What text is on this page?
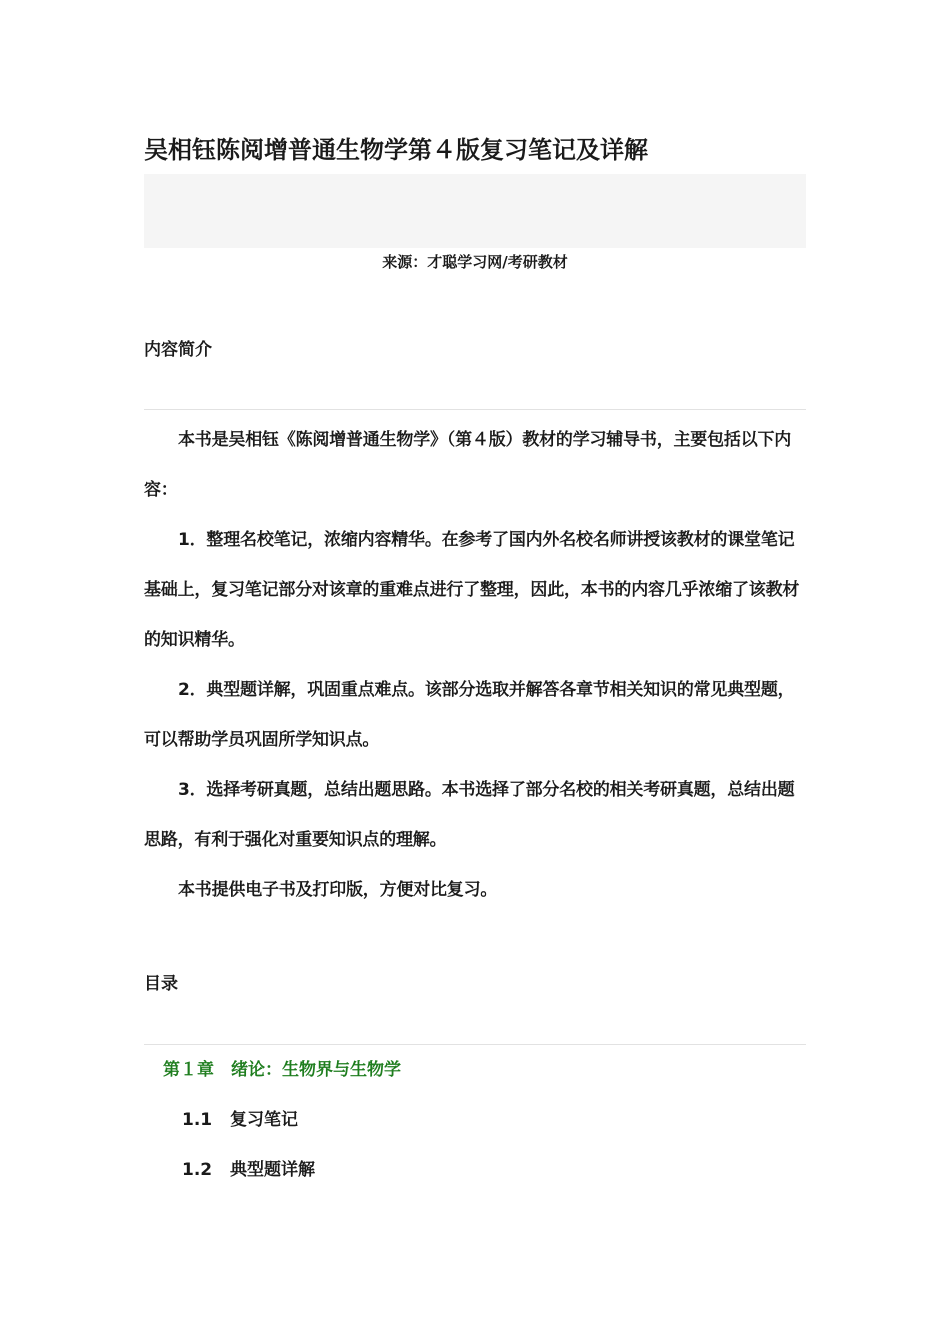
吴相钰陈阅增普通生物学第４版复习笔记及详解
来源：才聪学习网/考研教材
内容简介

本书是吴相钰《陈阅增普通生物学》（第４版）教材的学习辅导书，主要包括以下内容：

1．整理名校笔记，浓缩内容精华。在参考了国内外名校名师讲授该教材的课堂笔记基础上，复习笔记部分对该章的重难点进行了整理，因此，本书的内容几乎浓缩了该教材的知识精华。

2．典型题详解，巩固重点难点。该部分选取并解答各章节相关知识的常见典型题，可以帮助学员巩固所学知识点。

3．选择考研真题，总结出题思路。本书选择了部分名校的相关考研真题，总结出题思路，有利于强化对重要知识点的理解。

本书提供电子书及打印版，方便对比复习。

目录
第１章　绪论：生物界与生物学
1.1 复习笔记
1.2 典型题详解
